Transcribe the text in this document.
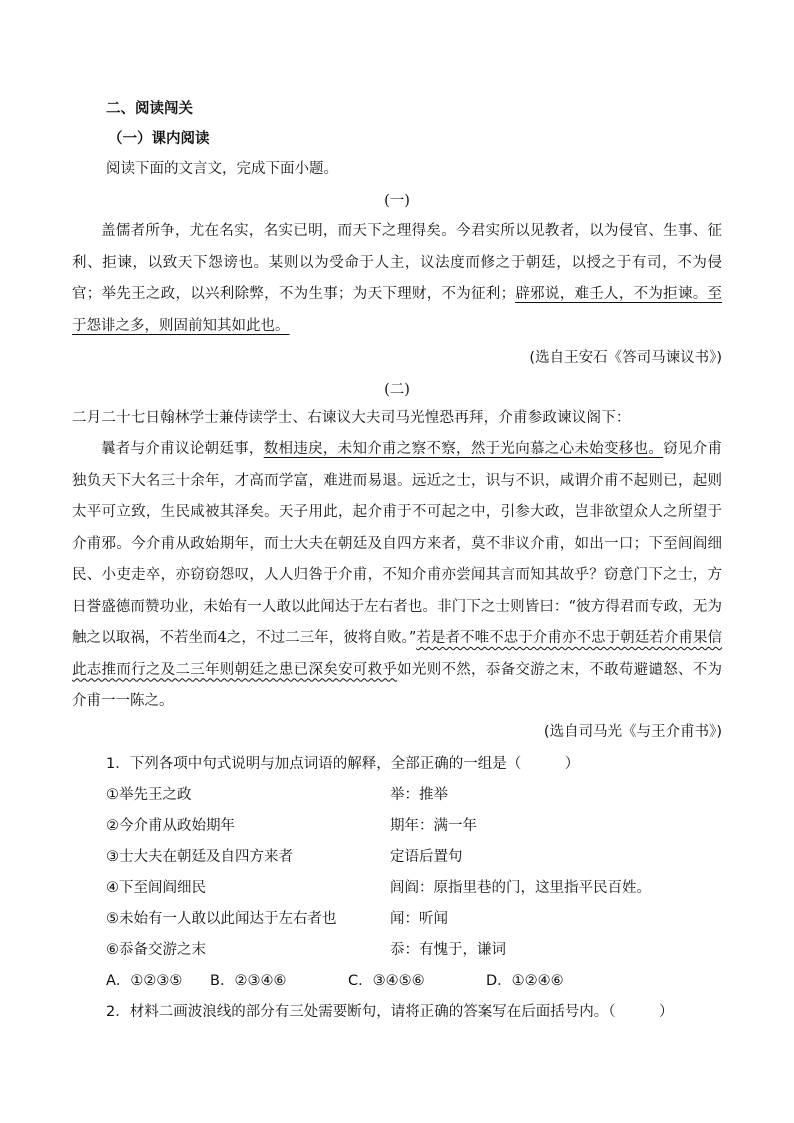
二、阅读闯关
（一）课内阅读
阅读下面的文言文，完成下面小题。
(一)
盖儒者所争，尤在名实，名实已明，而天下之理得矣。今君实所以见教者，以为侵官、生事、征利、拒谏，以致天下怨谤也。某则以为受命于人主，议法度而修之于朝廷，以授之于有司，不为侵官；举先王之政，以兴利除弊，不为生事；为天下理财，不为征利；辟邪说，难壬人，不为拒谏。至于怨诽之多，则固前知其如此也。
(选自王安石《答司马谏议书》)
(二)
二月二十七日翰林学士兼侍读学士、右谏议大夫司马光惶恐再拜，介甫参政谏议阁下：
曩者与介甫议论朝廷事，数相违戾，未知介甫之察不察，然于光向慕之心未始变移也。窃见介甫独负天下大名三十余年，才高而学富，难进而易退。远近之士，识与不识，咸谓介甫不起则已，起则太平可立致，生民咸被其泽矣。天子用此，起介甫于不可起之中，引参大政，岂非欲望众人之所望于介甫邪。今介甫从政始期年，而士大夫在朝廷及自四方来者，莫不非议介甫，如出一口；下至闾阎细民、小吏走卒，亦窃窃怨叹，人人归咎于介甫，不知介甫亦尝闻其言而知其故乎？窃意门下之士，方日誉盛德而赞功业，未始有一人敢以此闻达于左右者也。非门下之士则皆曰：“彼方得君而专政，无为触之以取祸，不若坐而4之，不过二三年，彼将自败。”若是者不唯不忠于介甫亦不忠于朝廷若介甫果信此志推而行之及二三年则朝廷之患已深矣安可救乎如光则不然，忝备交游之末，不敢苟避谴怒、不为介甫一一陈之。
(选自司马光《与王介甫书》)
1．下列各项中句式说明与加点词语的解释，全部正确的一组是（　　　）
①举先王之政	举：推举
②今介甫从政始期年	期年：满一年
③士大夫在朝廷及自四方来者	定语后置句
④下至闾阎细民	闾阎：原指里巷的门，这里指平民百姓。
⑤未始有一人敢以此闻达于左右者也	闻：听闻
⑥忝备交游之末	忝：有愧于，谦词
A．①②③⑤ B．②③④⑥	C．③④⑤⑥	D．①②④⑥
2．材料二画波浪线的部分有三处需要断句，请将正确的答案写在后面括号内。（　　　）
